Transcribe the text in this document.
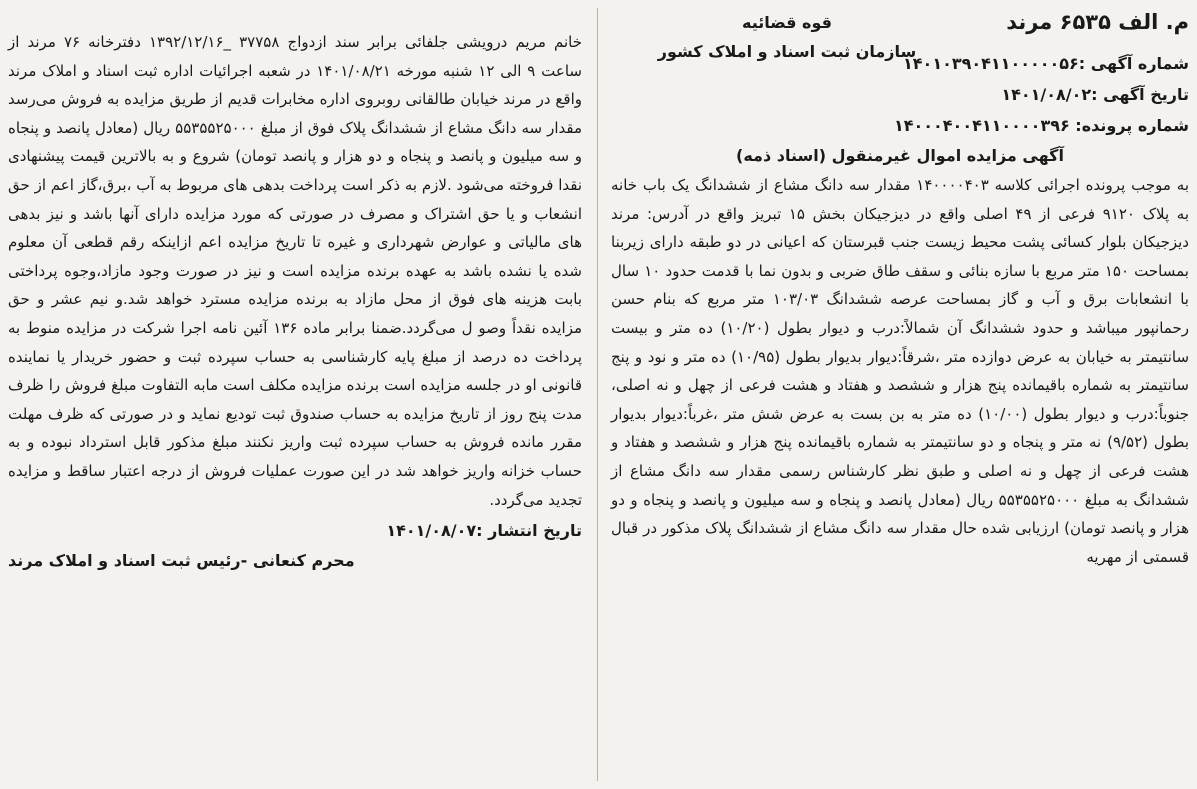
م. الف ۶۵۳۵ مرند
قوه قضائیه
سازمان ثبت اسناد و املاک کشور
شماره آگهی :۱۴۰۱۰۳۹۰۴۱۱۰۰۰۰۰۵۶
تاریخ آگهی :۱۴۰۱/۰۸/۰۲
شماره پرونده: ۱۴۰۰۰۴۰۰۴۱۱۰۰۰۰۳۹۶
آگهی مزایده اموال غیرمنقول (اسناد ذمه)

به موجب پرونده اجرائی کلاسه ۱۴۰۰۰۰۴۰۳ مقدار سه دانگ مشاع از ششدانگ یک باب خانه به پلاک ۹۱۲۰ فرعی از ۴۹ اصلی واقع در دیزجیکان بخش ۱۵ تبریز واقع در آدرس: مرند دیزجیکان بلوار کسائی پشت محیط زیست جنب قبرستان که اعیانی در دو طبقه دارای زیربنا بمساحت ۱۵۰ متر مربع با سازه بنائی و سقف طاق ضربی و بدون نما با قدمت حدود ۱۰ سال با انشعابات برق و آب و گاز بمساحت عرصه ششدانگ ۱۰۳/۰۳ متر مربع که بنام حسن رحمانپور میباشد و حدود ششدانگ آن شمالاً:درب و دیوار بطول (۱۰/۲۰) ده متر و بیست سانتیمتر به خیابان به عرض دوازده متر ،شرقاً:دیوار بدیوار بطول (۱۰/۹۵) ده متر و نود و پنج سانتیمتر به شماره باقیمانده پنج هزار و ششصد و هفتاد و هشت فرعی از چهل و نه اصلی، جنوباً:درب و دیوار بطول (۱۰/۰۰) ده متر به بن بست به عرض شش متر ،غرباً:دیوار بدیوار بطول (۹/۵۲) نه متر و پنجاه و دو سانتیمتر به شماره باقیمانده پنج هزار و ششصد و هفتاد و هشت فرعی از چهل و نه اصلی و طبق نظر کارشناس رسمی مقدار سه دانگ مشاع از ششدانگ به مبلغ ۵۵۳۵۵۲۵۰۰۰ ریال (معادل پانصد و پنجاه و سه میلیون و پانصد و پنجاه و دو هزار و پانصد تومان) ارزیابی شده حال مقدار سه دانگ مشاع از ششدانگ پلاک مذکور در قبال قسمتی از مهریه

خانم مریم درویشی جلفائی برابر سند ازدواج ۳۷۷۵۸ _۱۳۹۲/۱۲/۱۶ دفترخانه ۷۶ مرند از ساعت ۹ الی ۱۲ شنبه مورخه ۱۴۰۱/۰۸/۲۱ در شعبه اجرائیات اداره ثبت اسناد و املاک مرند واقع در مرند خیابان طالقانی روبروی اداره مخابرات قدیم از طریق مزایده به فروش می‌رسد مقدار سه دانگ مشاع از ششدانگ پلاک فوق از مبلغ ۵۵۳۵۵۲۵۰۰۰ ریال (معادل پانصد و پنجاه و سه میلیون و پانصد و پنجاه و دو هزار و پانصد تومان) شروع و به بالاترین قیمت پیشنهادی نقدا فروخته می‌شود .لازم به ذکر است پرداخت بدهی های مربوط به آب ،برق،گاز اعم از حق انشعاب و یا حق اشتراک و مصرف در صورتی که مورد مزایده دارای آنها باشد و نیز بدهی های مالیاتی و عوارض شهرداری و غیره تا تاریخ مزایده اعم ازاینکه رقم قطعی آن معلوم شده یا نشده باشد به عهده برنده مزایده است و نیز در صورت وجود مازاد،وجوه پرداختی بابت هزینه های فوق از محل مازاد به برنده مزایده مسترد خواهد شد.و نیم عشر و حق مزایده نقداً وصو ل می‌گردد.ضمنا برابر ماده ۱۳۶ آئین نامه اجرا شرکت در مزایده منوط به پرداخت ده درصد از مبلغ پایه کارشناسی به حساب سپرده ثبت و حضور خریدار یا نماینده قانونی او در جلسه مزایده است برنده مزایده مکلف است مابه التفاوت مبلغ فروش را ظرف مدت پنج روز از تاریخ مزایده به حساب صندوق ثبت تودیع نماید و در صورتی که ظرف مهلت مقرر مانده فروش به حساب سپرده ثبت واریز نکنند مبلغ مذکور قابل استرداد نبوده و به حساب خزانه واریز خواهد شد در این صورت عملیات فروش از درجه اعتبار ساقط و مزایده تجدید می‌گردد.

تاریخ انتشار :۱۴۰۱/۰۸/۰۷
محرم کنعانی -رئیس ثبت اسناد و املاک مرند
